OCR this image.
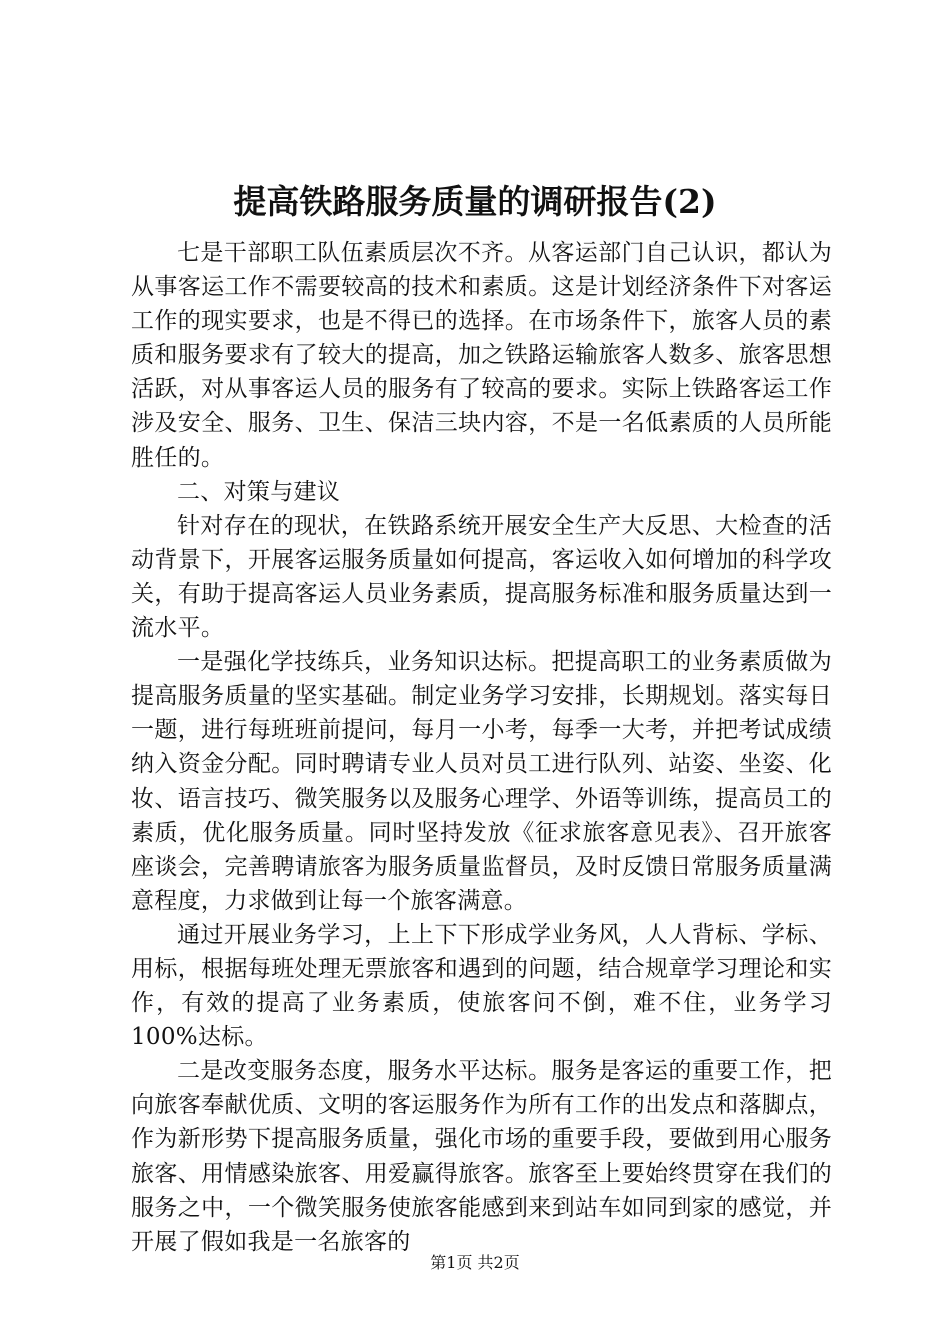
提高铁路服务质量的调研报告(2)

七是干部职工队伍素质层次不齐。从客运部门自己认识，都认为从事客运工作不需要较高的技术和素质。这是计划经济条件下对客运工作的现实要求，也是不得已的选择。在市场条件下，旅客人员的素质和服务要求有了较大的提高，加之铁路运输旅客人数多、旅客思想活跃，对从事客运人员的服务有了较高的要求。实际上铁路客运工作涉及安全、服务、卫生、保洁三块内容，不是一名低素质的人员所能胜任的。

二、对策与建议

针对存在的现状，在铁路系统开展安全生产大反思、大检查的活动背景下，开展客运服务质量如何提高，客运收入如何增加的科学攻关，有助于提高客运人员业务素质，提高服务标准和服务质量达到一流水平。

一是强化学技练兵，业务知识达标。把提高职工的业务素质做为提高服务质量的坚实基础。制定业务学习安排，长期规划。落实每日一题，进行每班班前提问，每月一小考，每季一大考，并把考试成绩纳入资金分配。同时聘请专业人员对员工进行队列、站姿、坐姿、化妆、语言技巧、微笑服务以及服务心理学、外语等训练，提高员工的素质，优化服务质量。同时坚持发放《征求旅客意见表》、召开旅客座谈会，完善聘请旅客为服务质量监督员，及时反馈日常服务质量满意程度，力求做到让每一个旅客满意。

通过开展业务学习，上上下下形成学业务风，人人背标、学标、用标，根据每班处理无票旅客和遇到的问题，结合规章学习理论和实作，有效的提高了业务素质，使旅客问不倒，难不住，业务学习100%达标。

二是改变服务态度，服务水平达标。服务是客运的重要工作，把向旅客奉献优质、文明的客运服务作为所有工作的出发点和落脚点，作为新形势下提高服务质量，强化市场的重要手段，要做到用心服务旅客、用情感染旅客、用爱赢得旅客。旅客至上要始终贯穿在我们的服务之中，一个微笑服务使旅客能感到来到站车如同到家的感觉，并开展了假如我是一名旅客的

第1页 共2页
